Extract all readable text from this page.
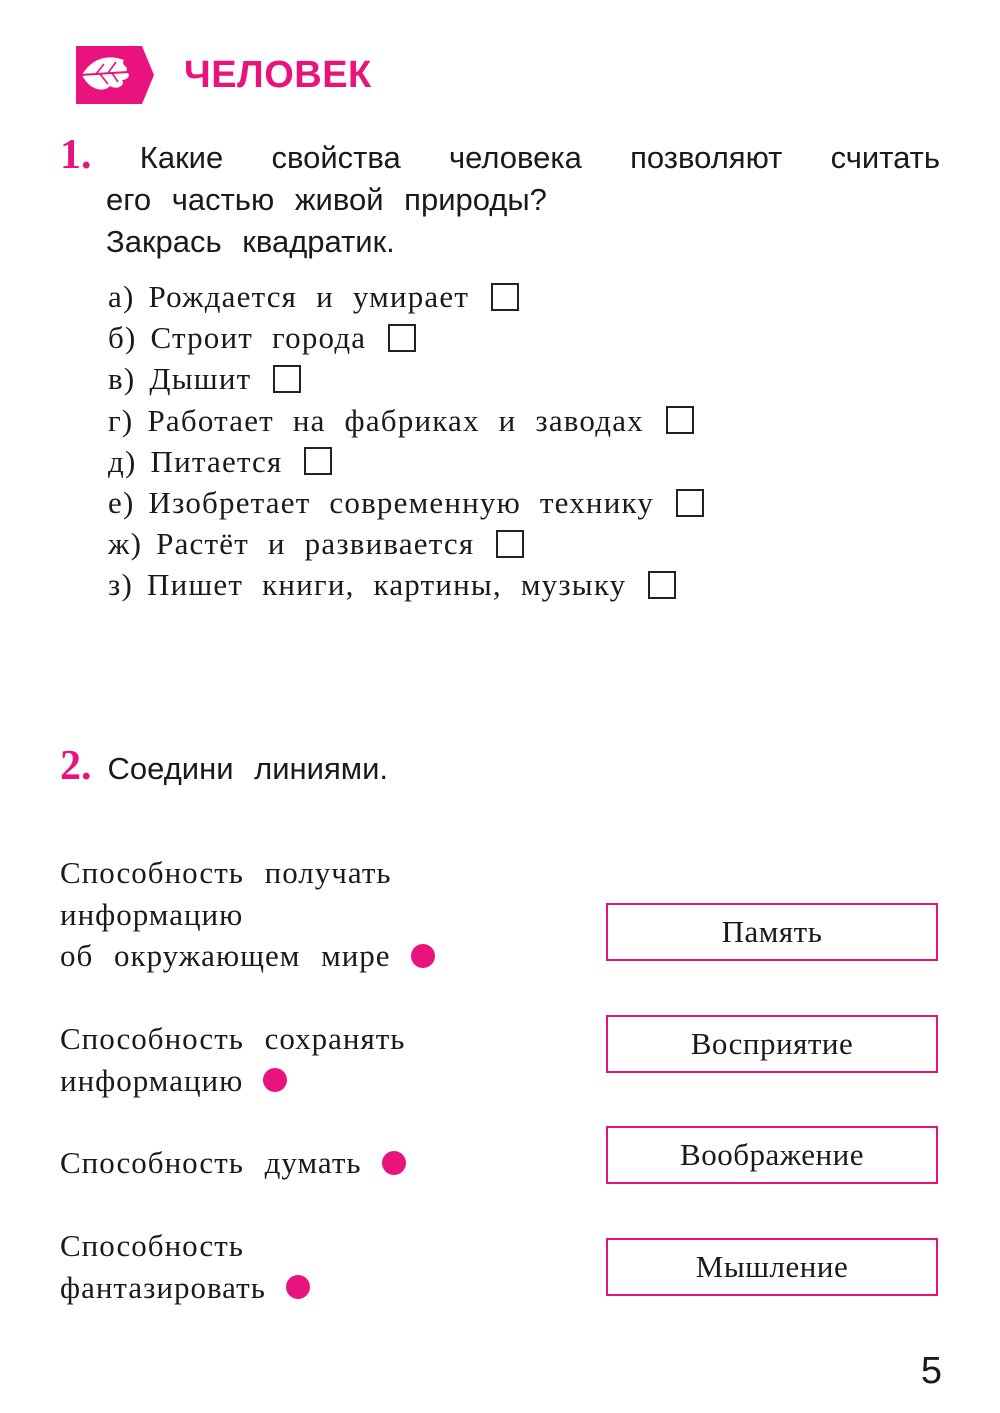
ЧЕЛОВЕК
1. Какие свойства человека позволяют считать
его частью живой природы?
Закрась квадратик.
а) Рождается и умирает
б) Строит города
в) Дышит
г) Работает на фабриках и заводах
д) Питается
е) Изобретает современную технику
ж) Растёт и развивается
з) Пишет книги, картины, музыку
2. Соедини линиями.
Способность получать
информацию
об окружающем мире
Способность сохранять
информацию
Способность думать
Способность
фантазировать
Память
Восприятие
Воображение
Мышление
5
